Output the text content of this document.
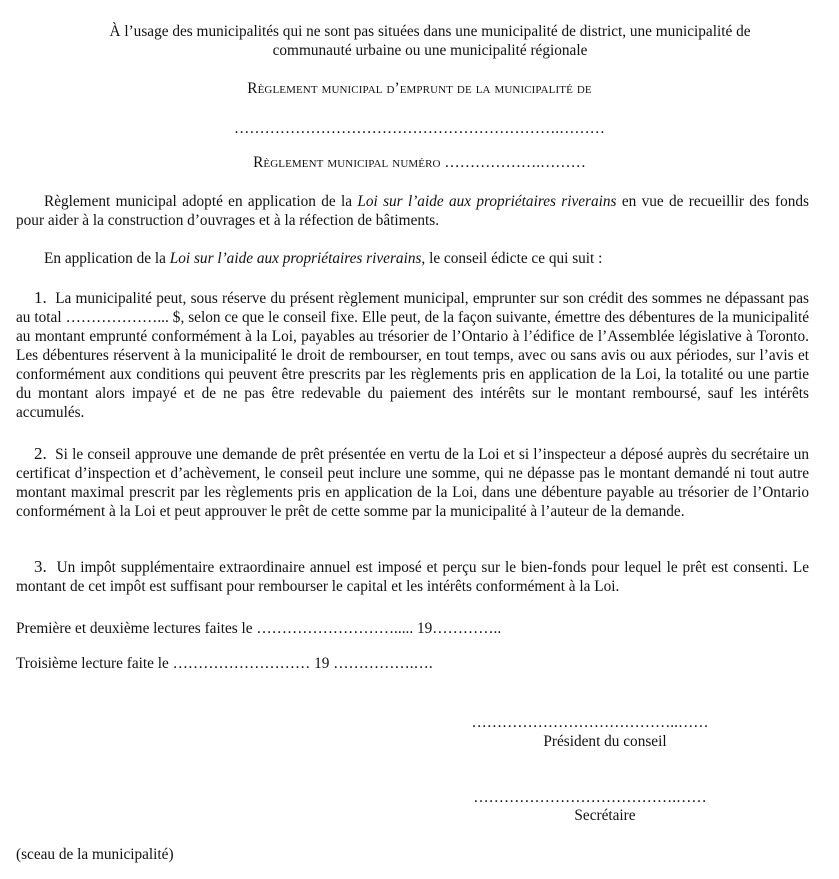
À l’usage des municipalités qui ne sont pas situées dans une municipalité de district, une municipalité de
communauté urbaine ou une municipalité régionale
Règlement municipal d’emprunt de la municipalité de
……………………………………………………….………
Règlement municipal numéro ……………….………
Règlement municipal adopté en application de la Loi sur l’aide aux propriétaires riverains en vue de recueillir des fonds pour aider à la construction d’ouvrages et à la réfection de bâtiments.
En application de la Loi sur l’aide aux propriétaires riverains, le conseil édicte ce qui suit :
1. La municipalité peut, sous réserve du présent règlement municipal, emprunter sur son crédit des sommes ne dépassant pas au total ………………... $, selon ce que le conseil fixe. Elle peut, de la façon suivante, émettre des débentures de la municipalité au montant emprunté conformément à la Loi, payables au trésorier de l’Ontario à l’édifice de l’Assemblée législative à Toronto. Les débentures réservent à la municipalité le droit de rembourser, en tout temps, avec ou sans avis ou aux périodes, sur l’avis et conformément aux conditions qui peuvent être prescrits par les règlements pris en application de la Loi, la totalité ou une partie du montant alors impayé et de ne pas être redevable du paiement des intérêts sur le montant remboursé, sauf les intérêts accumulés.
2. Si le conseil approuve une demande de prêt présentée en vertu de la Loi et si l’inspecteur a déposé auprès du secrétaire un certificat d’inspection et d’achèvement, le conseil peut inclure une somme, qui ne dépasse pas le montant demandé ni tout autre montant maximal prescrit par les règlements pris en application de la Loi, dans une débenture payable au trésorier de l’Ontario conformément à la Loi et peut approuver le prêt de cette somme par la municipalité à l’auteur de la demande.
3. Un impôt supplémentaire extraordinaire annuel est imposé et perçu sur le bien-fonds pour lequel le prêt est consenti. Le montant de cet impôt est suffisant pour rembourser le capital et les intérêts conformément à la Loi.
Première et deuxième lectures faites le ………………………..... 19…………..
Troisième lecture faite le ……………………… 19 …………….….
…………………………………..……
Président du conseil
………………………………….……
Secrétaire
(sceau de la municipalité)
